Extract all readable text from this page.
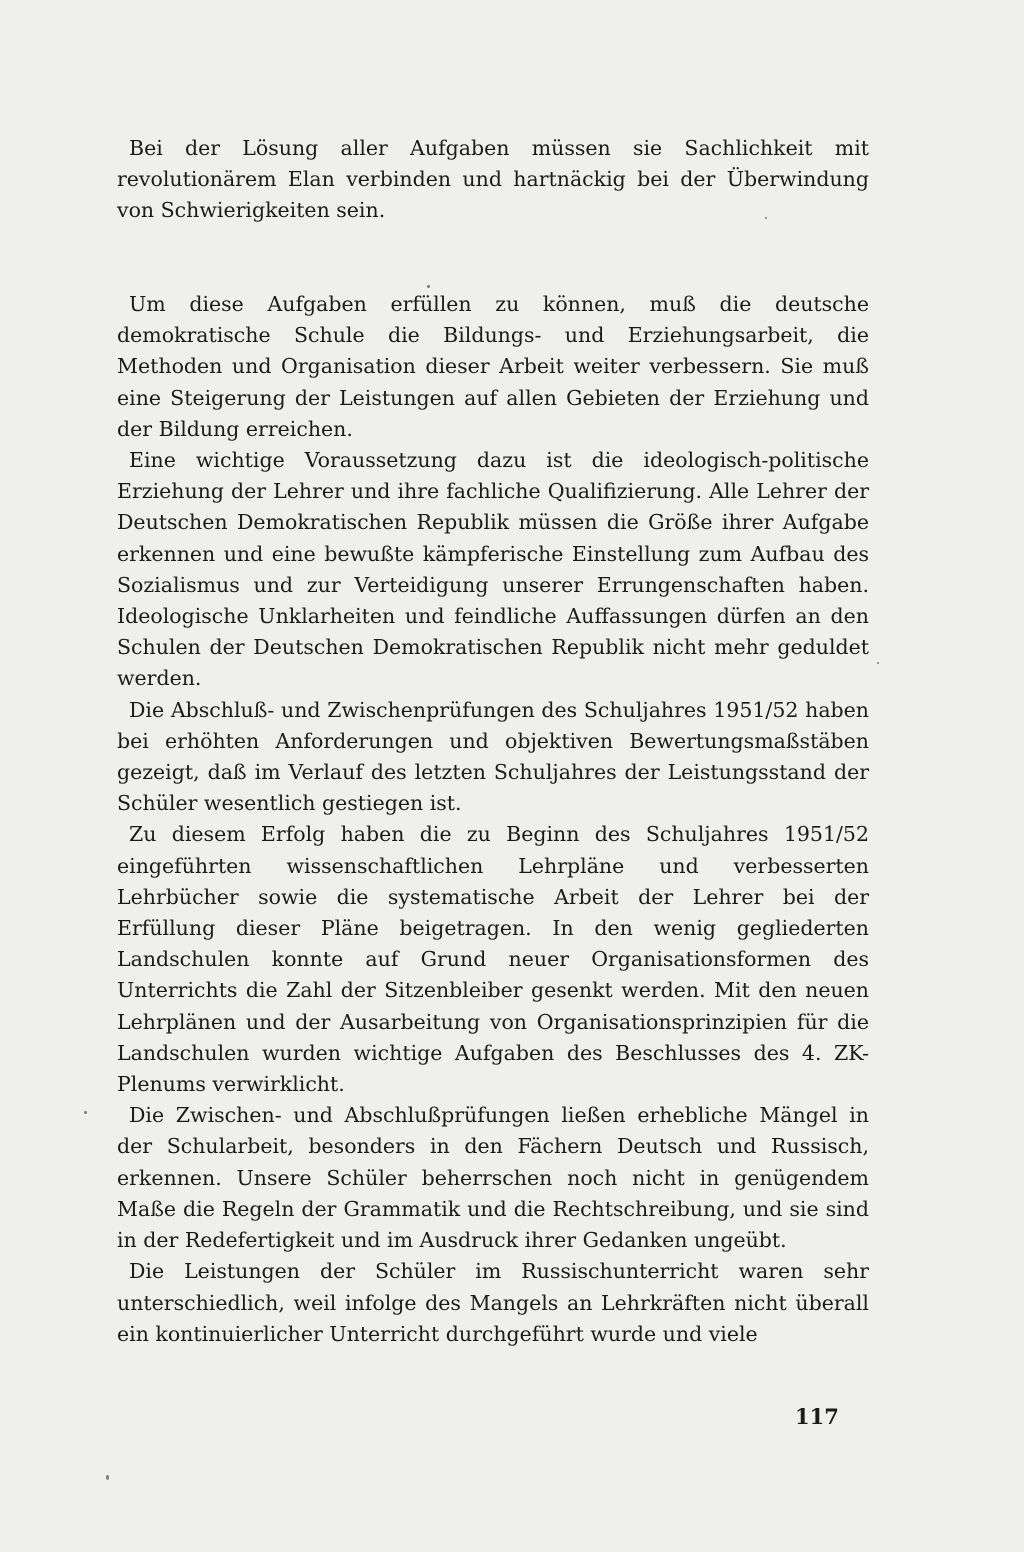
Bei der Lösung aller Aufgaben müssen sie Sachlichkeit mit revolutionärem Elan verbinden und hartnäckig bei der Überwindung von Schwierigkeiten sein.

Um diese Aufgaben erfüllen zu können, muß die deutsche demokratische Schule die Bildungs- und Erziehungsarbeit, die Methoden und Organisation dieser Arbeit weiter verbessern. Sie muß eine Steigerung der Leistungen auf allen Gebieten der Erziehung und der Bildung erreichen.

Eine wichtige Voraussetzung dazu ist die ideologisch-politische Erziehung der Lehrer und ihre fachliche Qualifizierung. Alle Lehrer der Deutschen Demokratischen Republik müssen die Größe ihrer Aufgabe erkennen und eine bewußte kämpferische Einstellung zum Aufbau des Sozialismus und zur Verteidigung unserer Errungenschaften haben. Ideologische Unklarheiten und feindliche Auffassungen dürfen an den Schulen der Deutschen Demokratischen Republik nicht mehr geduldet werden.

Die Abschluß- und Zwischenprüfungen des Schuljahres 1951/52 haben bei erhöhten Anforderungen und objektiven Bewertungsmaßstäben gezeigt, daß im Verlauf des letzten Schuljahres der Leistungsstand der Schüler wesentlich gestiegen ist.

Zu diesem Erfolg haben die zu Beginn des Schuljahres 1951/52 eingeführten wissenschaftlichen Lehrpläne und verbesserten Lehrbücher sowie die systematische Arbeit der Lehrer bei der Erfüllung dieser Pläne beigetragen. In den wenig gegliederten Landschulen konnte auf Grund neuer Organisationsformen des Unterrichts die Zahl der Sitzenbleiber gesenkt werden. Mit den neuen Lehrplänen und der Ausarbeitung von Organisationsprinzipien für die Landschulen wurden wichtige Aufgaben des Beschlusses des 4. ZK-Plenums verwirklicht.

Die Zwischen- und Abschlußprüfungen ließen erhebliche Mängel in der Schularbeit, besonders in den Fächern Deutsch und Russisch, erkennen. Unsere Schüler beherrschen noch nicht in genügendem Maße die Regeln der Grammatik und die Rechtschreibung, und sie sind in der Redefertigkeit und im Ausdruck ihrer Gedanken ungeübt.

Die Leistungen der Schüler im Russischunterricht waren sehr unterschiedlich, weil infolge des Mangels an Lehrkräften nicht überall ein kontinuierlicher Unterricht durchgeführt wurde und viele

117
